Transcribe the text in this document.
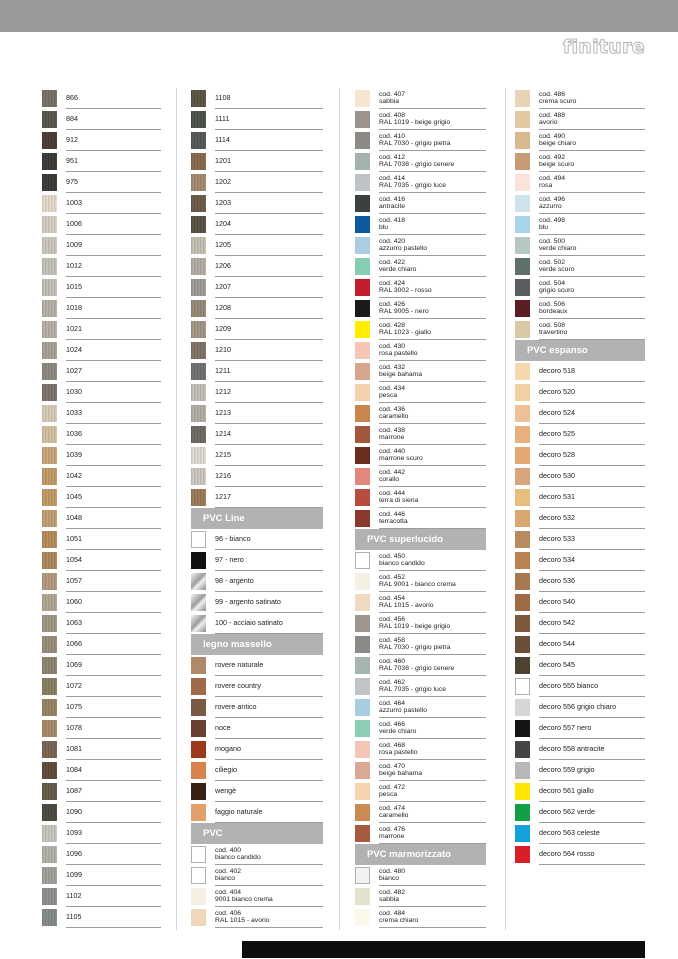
finiture
866
884
912
951
975
1003
1006
1009
1012
1015
1018
1021
1024
1027
1030
1033
1036
1039
1042
1045
1048
1051
1054
1057
1060
1063
1066
1069
1072
1075
1078
1081
1084
1087
1090
1093
1096
1099
1102
1105
1108
1111
1114
1201
1202
1203
1204
1205
1206
1207
1208
1209
1210
1211
1212
1213
1214
1215
1216
1217
PVC Line
96 - bianco
97 - nero
98 - argento
99 - argento satinato
100 - acciaio satinato
legno massello
rovere naturale
rovere country
rovere antico
noce
mogano
ciliegio
wengè
faggio naturale
PVC
cod. 400
bianco candido
cod. 402
bianco
cod. 404
9001 bianco crema
cod. 406
RAL 1015 - avorio
cod. 407
sabbia
cod. 408
RAL 1019 - beige grigio
cod. 410
RAL 7030 - grigio pietra
cod. 412
RAL 7038 - grigio cenere
cod. 414
RAL 7035 - grigio luce
cod. 416
antracite
cod. 418
blu
cod. 420
azzurro pastello
cod. 422
verde chiaro
cod. 424
RAL 3002 - rosso
cod. 426
RAL 9005 - nero
cod. 428
RAL 1023 - giallo
cod. 430
rosa pastello
cod. 432
beige bahama
cod. 434
pesca
cod. 436
caramello
cod. 438
marrone
cod. 440
marrone scuro
cod. 442
corallo
cod. 444
terra di siena
cod. 446
terracotta
PVC superlucido
cod. 450
bianco candido
cod. 452
RAL 9001 - bianco crema
cod. 454
RAL 1015 - avorio
cod. 456
RAL 1019 - beige grigio
cod. 458
RAL 7030 - grigio pietra
cod. 460
RAL 7038 - grigio cenere
cod. 462
RAL 7035 - grigio luce
cod. 464
azzurro pastello
cod. 466
verde chiaro
cod. 468
rosa pastello
cod. 470
beige bahama
cod. 472
pesca
cod. 474
caramello
cod. 476
marrone
PVC marmorizzato
cod. 480
bianco
cod. 482
sabbia
cod. 484
crema chiaro
cod. 486
crema scuro
cod. 488
avorio
cod. 490
beige chiaro
cod. 492
beige scuro
cod. 494
rosa
cod. 496
azzurro
cod. 498
blu
cod. 500
verde chiaro
cod. 502
verde scuro
cod. 504
grigio scuro
cod. 506
bordeaux
cod. 508
travertino
PVC espanso
decoro 518
decoro 520
decoro 524
decoro 525
decoro 528
decoro 530
decoro 531
decoro 532
decoro 533
decoro 534
decoro 536
decoro 540
decoro 542
decoro 544
decoro 545
decoro 555 bianco
decoro 556 grigio chiaro
decoro 557 nero
decoro 558 antracite
decoro 559 grigio
decoro 561 giallo
decoro 562 verde
decoro 563 celeste
decoro 564 rosso
